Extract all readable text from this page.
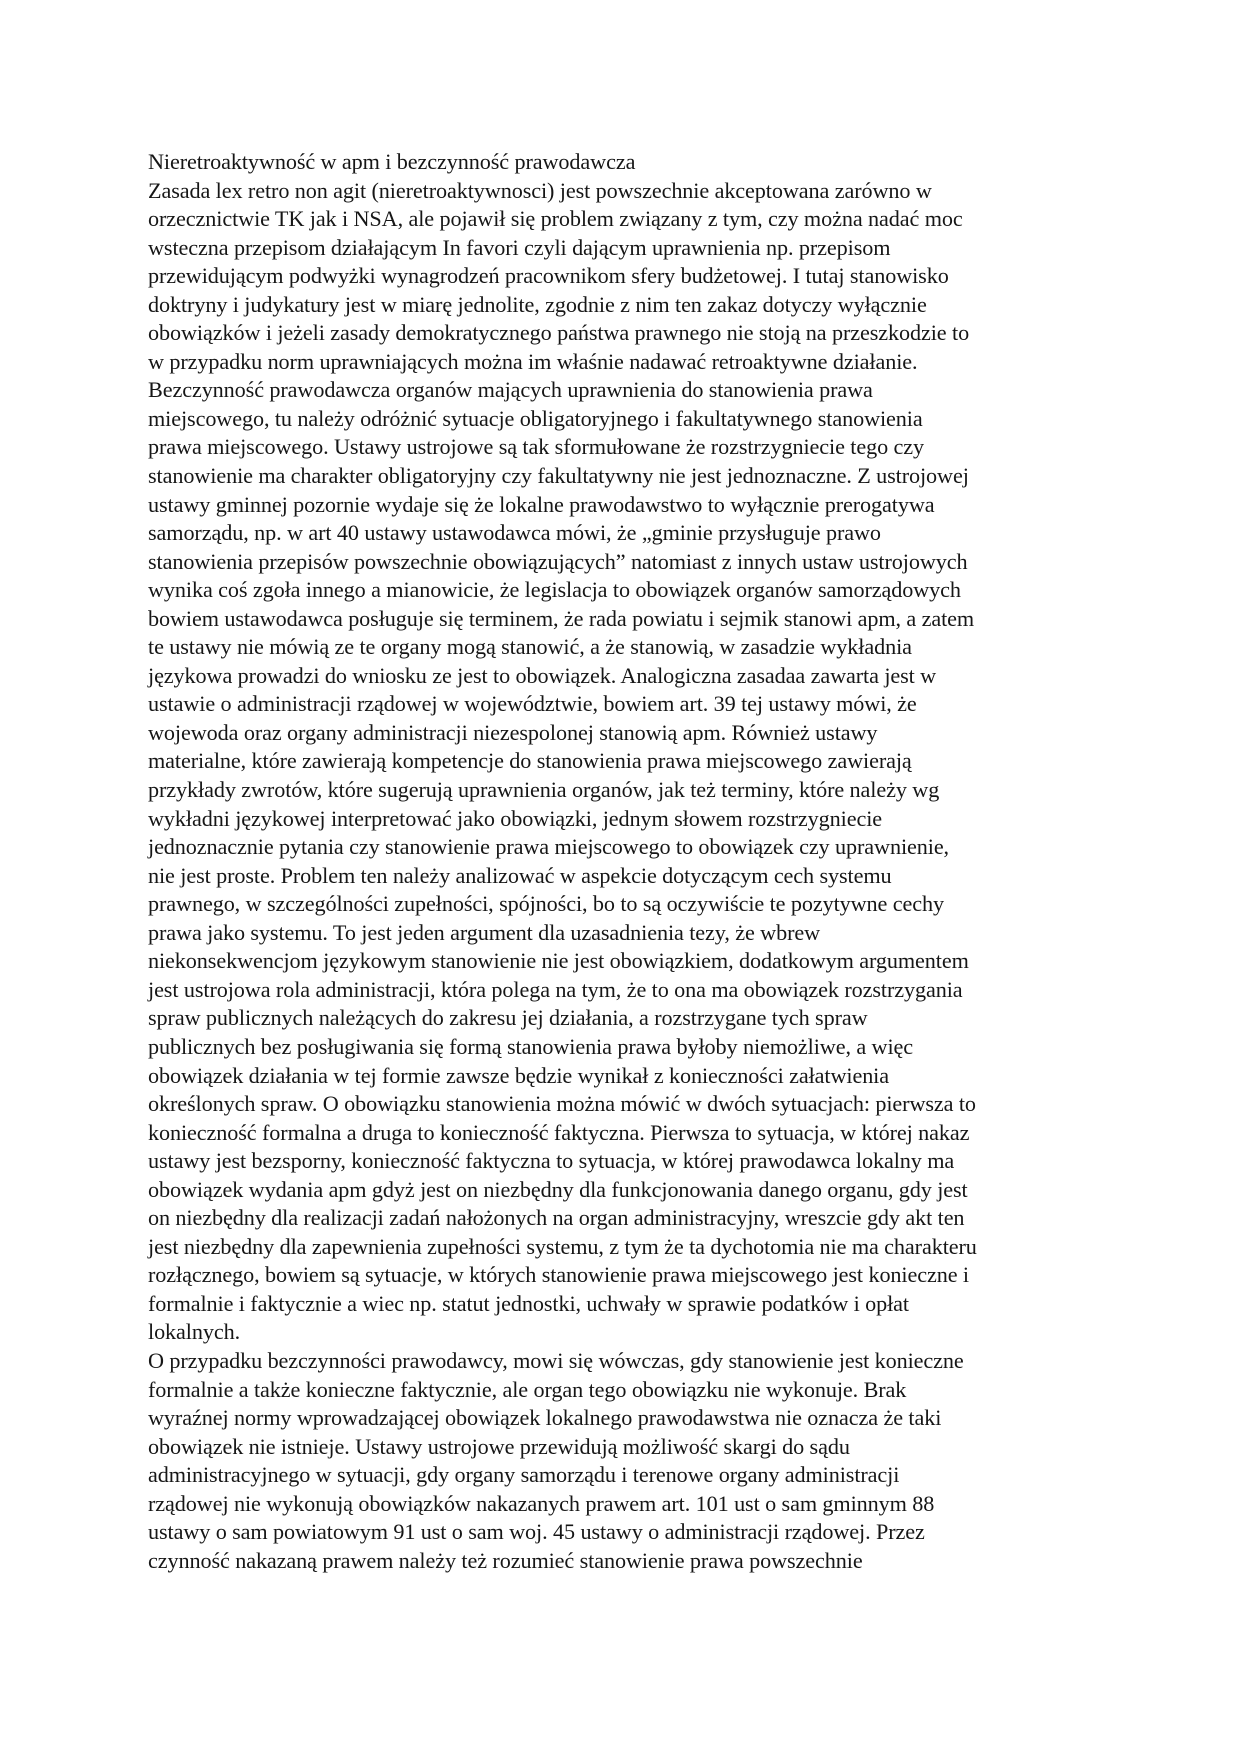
Nieretroaktywność w apm i bezczynność prawodawcza
Zasada lex retro non agit (nieretroaktywnosci) jest powszechnie akceptowana zarówno w
orzecznictwie TK jak i NSA, ale pojawił się problem związany z tym, czy można nadać moc
wsteczna przepisom działającym In favori czyli dającym uprawnienia np. przepisom
przewidującym podwyżki wynagrodzeń pracownikom sfery budżetowej. I tutaj stanowisko
doktryny i judykatury jest w miarę jednolite, zgodnie z nim ten zakaz dotyczy wyłącznie
obowiązków i jeżeli zasady demokratycznego państwa prawnego nie stoją na przeszkodzie to
w przypadku norm uprawniających można im właśnie nadawać retroaktywne działanie.
Bezczynność prawodawcza organów mających uprawnienia do stanowienia prawa
miejscowego, tu należy odróżnić sytuacje obligatoryjnego i fakultatywnego stanowienia
prawa miejscowego. Ustawy ustrojowe są tak sformułowane że rozstrzygniecie tego czy
stanowienie ma charakter obligatoryjny czy fakultatywny nie jest jednoznaczne. Z ustrojowej
ustawy gminnej pozornie wydaje się że lokalne prawodawstwo to wyłącznie prerogatywa
samorządu, np. w art 40 ustawy ustawodawca mówi, że „gminie przysługuje prawo
stanowienia przepisów powszechnie obowiązujących” natomiast z innych ustaw ustrojowych
wynika coś zgoła innego a mianowicie, że legislacja to obowiązek organów samorządowych
bowiem ustawodawca posługuje się terminem, że rada powiatu i sejmik stanowi apm, a zatem
te ustawy nie mówią ze te organy mogą stanowić, a że stanowią, w zasadzie wykładnia
językowa prowadzi do wniosku ze jest to obowiązek. Analogiczna zasadaa zawarta jest w
ustawie o administracji rządowej w województwie, bowiem art. 39 tej ustawy mówi, że
wojewoda oraz organy administracji niezespolonej stanowią apm. Również ustawy
materialne, które zawierają kompetencje do stanowienia prawa miejscowego zawierają
przykłady zwrotów, które sugerują uprawnienia organów, jak też terminy, które należy wg
wykładni językowej interpretować jako obowiązki, jednym słowem rozstrzygniecie
jednoznacznie pytania czy stanowienie prawa miejscowego to obowiązek czy uprawnienie,
nie jest proste. Problem ten należy analizować w aspekcie dotyczącym cech systemu
prawnego, w szczególności zupełności, spójności, bo to są oczywiście te pozytywne cechy
prawa jako systemu. To jest jeden argument dla uzasadnienia tezy, że wbrew
niekonsekwencjom językowym stanowienie nie jest obowiązkiem, dodatkowym argumentem
jest ustrojowa rola administracji, która polega na tym, że to ona ma obowiązek rozstrzygania
spraw publicznych należących do zakresu jej działania, a rozstrzygane tych spraw
publicznych bez posługiwania się formą stanowienia prawa byłoby niemożliwe, a więc
obowiązek działania w tej formie zawsze będzie wynikał z konieczności załatwienia
określonych spraw. O obowiązku stanowienia można mówić w dwóch sytuacjach: pierwsza to
konieczność formalna a druga to konieczność faktyczna. Pierwsza to sytuacja, w której nakaz
ustawy jest bezsporny, konieczność faktyczna to sytuacja, w której prawodawca lokalny ma
obowiązek wydania apm gdyż jest on niezbędny dla funkcjonowania danego organu, gdy jest
on niezbędny dla realizacji zadań nałożonych na organ administracyjny, wreszcie gdy akt ten
jest niezbędny dla zapewnienia zupełności systemu, z tym że ta dychotomia nie ma charakteru
rozłącznego, bowiem są sytuacje, w których stanowienie prawa miejscowego jest konieczne i
formalnie i faktycznie a wiec np. statut jednostki, uchwały w sprawie podatków i opłat
lokalnych.
O przypadku bezczynności prawodawcy, mowi się wówczas, gdy stanowienie jest konieczne
formalnie a także konieczne faktycznie, ale organ tego obowiązku nie wykonuje. Brak
wyraźnej normy wprowadzającej obowiązek lokalnego prawodawstwa nie oznacza że taki
obowiązek nie istnieje. Ustawy ustrojowe przewidują możliwość skargi do sądu
administracyjnego w sytuacji, gdy organy samorządu i terenowe organy administracji
rządowej nie wykonują obowiązków nakazanych prawem art. 101 ust o sam gminnym 88
ustawy o sam powiatowym 91 ust o sam woj. 45 ustawy o administracji rządowej. Przez
czynność nakazaną prawem należy też rozumieć stanowienie prawa powszechnie
